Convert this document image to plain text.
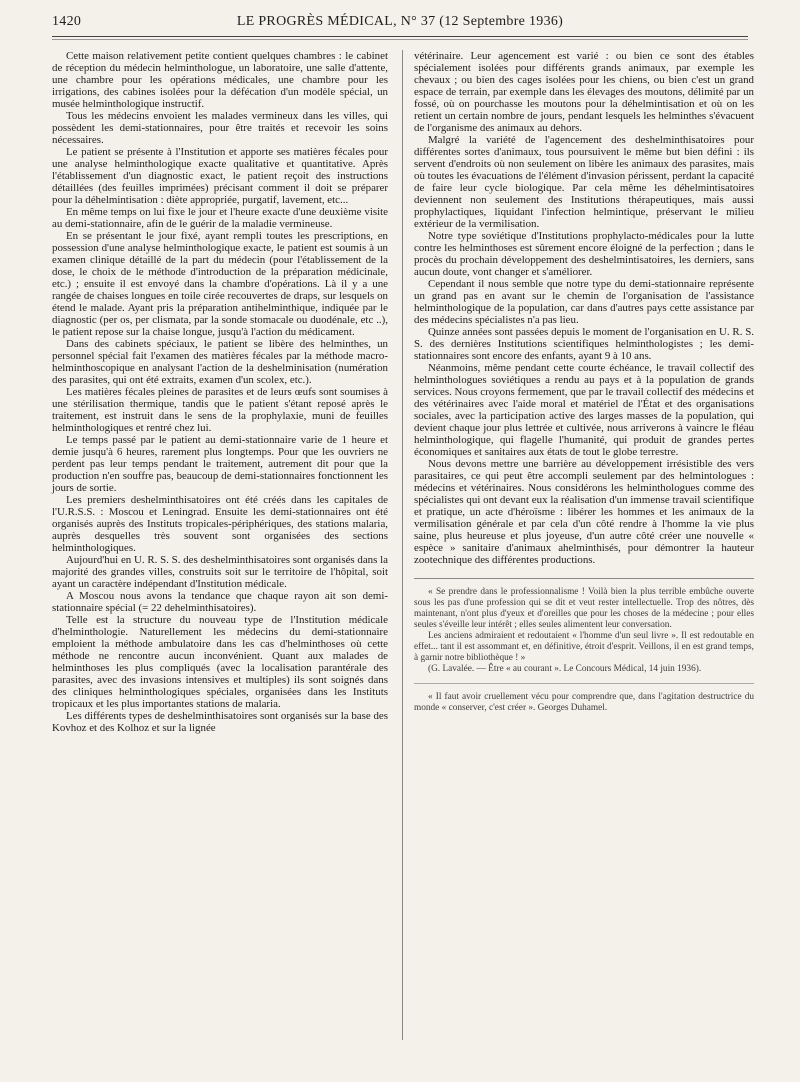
1420	LE PROGRÈS MÉDICAL, N° 37 (12 Septembre 1936)

Cette maison relativement petite contient quelques chambres : le cabinet de réception du médecin helminthologue, un laboratoire, une salle d'attente, une chambre pour les opérations médicales, une chambre pour les irrigations, des cabines isolées pour la défécation d'un modèle spécial, un musée helminthologique instructif.

Tous les médecins envoient les malades vermineux dans les villes, qui possèdent les demi-stationnaires, pour être traités et recevoir les soins nécessaires.

Le patient se présente à l'Institution et apporte ses matières fécales pour une analyse helminthologique exacte qualitative et quantitative. Après l'établissement d'un diagnostic exact, le patient reçoit des instructions détaillées (des feuilles imprimées) précisant comment il doit se préparer pour la déhelmintisation : diète appropriée, purgatif, lavement, etc...

En même temps on lui fixe le jour et l'heure exacte d'une deuxième visite au demi-stationnaire, afin de le guérir de la maladie vermineuse.

En se présentant le jour fixé, ayant rempli toutes les prescriptions, en possession d'une analyse helminthologique exacte, le patient est soumis à un examen clinique détaillé de la part du médecin (pour l'établissement de la dose, le choix de le méthode d'introduction de la préparation médicinale, etc.) ; ensuite il est envoyé dans la chambre d'opérations. Là il y a une rangée de chaises longues en toile cirée recouvertes de draps, sur lesquels on étend le malade. Ayant pris la préparation antihelminthique, indiquée par le diagnostic (per os, per clismata, par la sonde stomacale ou duodénale, etc ..), le patient repose sur la chaise longue, jusqu'à l'action du médicament.

Dans des cabinets spéciaux, le patient se libère des helminthes, un personnel spécial fait l'examen des matières fécales par la méthode macro-helminthoscopique en analysant l'action de la deshelminisation (numération des parasites, qui ont été extraits, examen d'un scolex, etc.).

Les matières fécales pleines de parasites et de leurs œufs sont soumises à une stérilisation thermique, tandis que le patient s'étant reposé après le traitement, est instruit dans le sens de la prophylaxie, muni de feuilles helminthologiques et rentré chez lui.

Le temps passé par le patient au demi-stationnaire varie de 1 heure et demie jusqu'à 6 heures, rarement plus longtemps. Pour que les ouvriers ne perdent pas leur temps pendant le traitement, autrement dit pour que la production n'en souffre pas, beaucoup de demi-stationnaires fonctionnent les jours de sortie.

Les premiers deshelminthisatoires ont été créés dans les capitales de l'U.R.S.S. : Moscou et Leningrad. Ensuite les demi-stationnaires ont été organisés auprès des Instituts tropicales-périphériques, des stations malaria, auprès desquelles très souvent sont organisées des sections helminthologiques.

Aujourd'hui en U. R. S. S. des deshelminthisatoires sont organisés dans la majorité des grandes villes, construits soit sur le territoire de l'hôpital, soit ayant un caractère indépendant d'Institution médicale.

A Moscou nous avons la tendance que chaque rayon ait son demi-stationnaire spécial (= 22 dehelminthisatoires).

Telle est la structure du nouveau type de l'Institution médicale d'helminthologie. Naturellement les médecins du demi-stationnaire emploient la méthode ambulatoire dans les cas d'helminthoses où cette méthode ne rencontre aucun inconvénient. Quant aux malades de helminthoses les plus compliqués (avec la localisation parantérale des parasites, avec des invasions intensives et multiples) ils sont soignés dans des cliniques helminthologiques spéciales, organisées dans les Instituts tropicaux et les plus importantes stations de malaria.

Les différents types de deshelminthisatoires sont organisés sur la base des Kovhoz et des Kolhoz et sur la lignée

vétérinaire. Leur agencement est varié : ou bien ce sont des étables spécialement isolées pour différents grands animaux, par exemple les chevaux ; ou bien des cages isolées pour les chiens, ou bien c'est un grand espace de terrain, par exemple dans les élevages des moutons, délimité par un fossé, où on pourchasse les moutons pour la déhelmintisation et où on les retient un certain nombre de jours, pendant lesquels les helminthes s'évacuent de l'organisme des animaux au dehors.

Malgré la variété de l'agencement des deshelminthisatoires pour différentes sortes d'animaux, tous poursuivent le même but bien défini : ils servent d'endroits où non seulement on libère les animaux des parasites, mais où toutes les évacuations de l'élément d'invasion périssent, perdant la capacité de faire leur cycle biologique. Par cela même les déhelmintisatoires deviennent non seulement des Institutions thérapeutiques, mais aussi prophylactiques, liquidant l'infection helmintique, préservant le milieu extérieur de la vermilisation.

Notre type soviétique d'Institutions prophylacto-médicales pour la lutte contre les helminthoses est sûrement encore éloigné de la perfection ; dans le procès du prochain développement des deshelmintisatoires, les derniers, sans aucun doute, vont changer et s'améliorer.

Cependant il nous semble que notre type du demi-stationnaire représente un grand pas en avant sur le chemin de l'organisation de l'assistance helminthologique de la population, car dans d'autres pays cette assistance par des médecins spécialistes n'a pas lieu.

Quinze années sont passées depuis le moment de l'organisation en U. R. S. S. des dernières Institutions scientifiques helminthologistes ; les demi-stationnaires sont encore des enfants, ayant 9 à 10 ans.

Néanmoins, même pendant cette courte échéance, le travail collectif des helminthologues soviétiques a rendu au pays et à la population de grands services. Nous croyons fermement, que par le travail collectif des médecins et des vétérinaires avec l'aide moral et matériel de l'État et des organisations sociales, avec la participation active des larges masses de la population, qui devient chaque jour plus lettrée et cultivée, nous arriverons à vaincre le fléau helminthologique, qui flagelle l'humanité, qui produit de grandes pertes économiques et sanitaires aux états de tout le globe terrestre.

Nous devons mettre une barrière au développement irrésistible des vers parasitaires, ce qui peut être accompli seulement par des helmintologues : médecins et vétérinaires. Nous considérons les helminthologues comme des spécialistes qui ont devant eux la réalisation d'un immense travail scientifique et pratique, un acte d'héroïsme : libérer les hommes et les animaux de la vermilisation générale et par cela d'un côté rendre à l'homme la vie plus saine, plus heureuse et plus joyeuse, d'un autre côté créer une nouvelle « espèce » sanitaire d'animaux ahelminthisés, pour démontrer la hauteur zootechnique des différentes productions.

« Se prendre dans le professionnalisme ! Voilà bien la plus terrible embûche ouverte sous les pas d'une profession qui se dit et veut rester intellectuelle. Trop des nôtres, dès maintenant, n'ont plus d'yeux et d'oreilles que pour les choses de la médecine ; pour elles seules s'éveille leur intérêt ; elles seules alimentent leur conversation.

Les anciens admiraient et redoutaient « l'homme d'un seul livre ». Il est redoutable en effet... tant il est assommant et, en définitive, étroit d'esprit. Veillons, il en est grand temps, à garnir notre bibliothèque ! »

(G. Lavalée. — Être « au courant ». Le Concours Médical, 14 juin 1936).

« Il faut avoir cruellement vécu pour comprendre que, dans l'agitation destructrice du monde « conserver, c'est créer ». Georges Duhamel.
